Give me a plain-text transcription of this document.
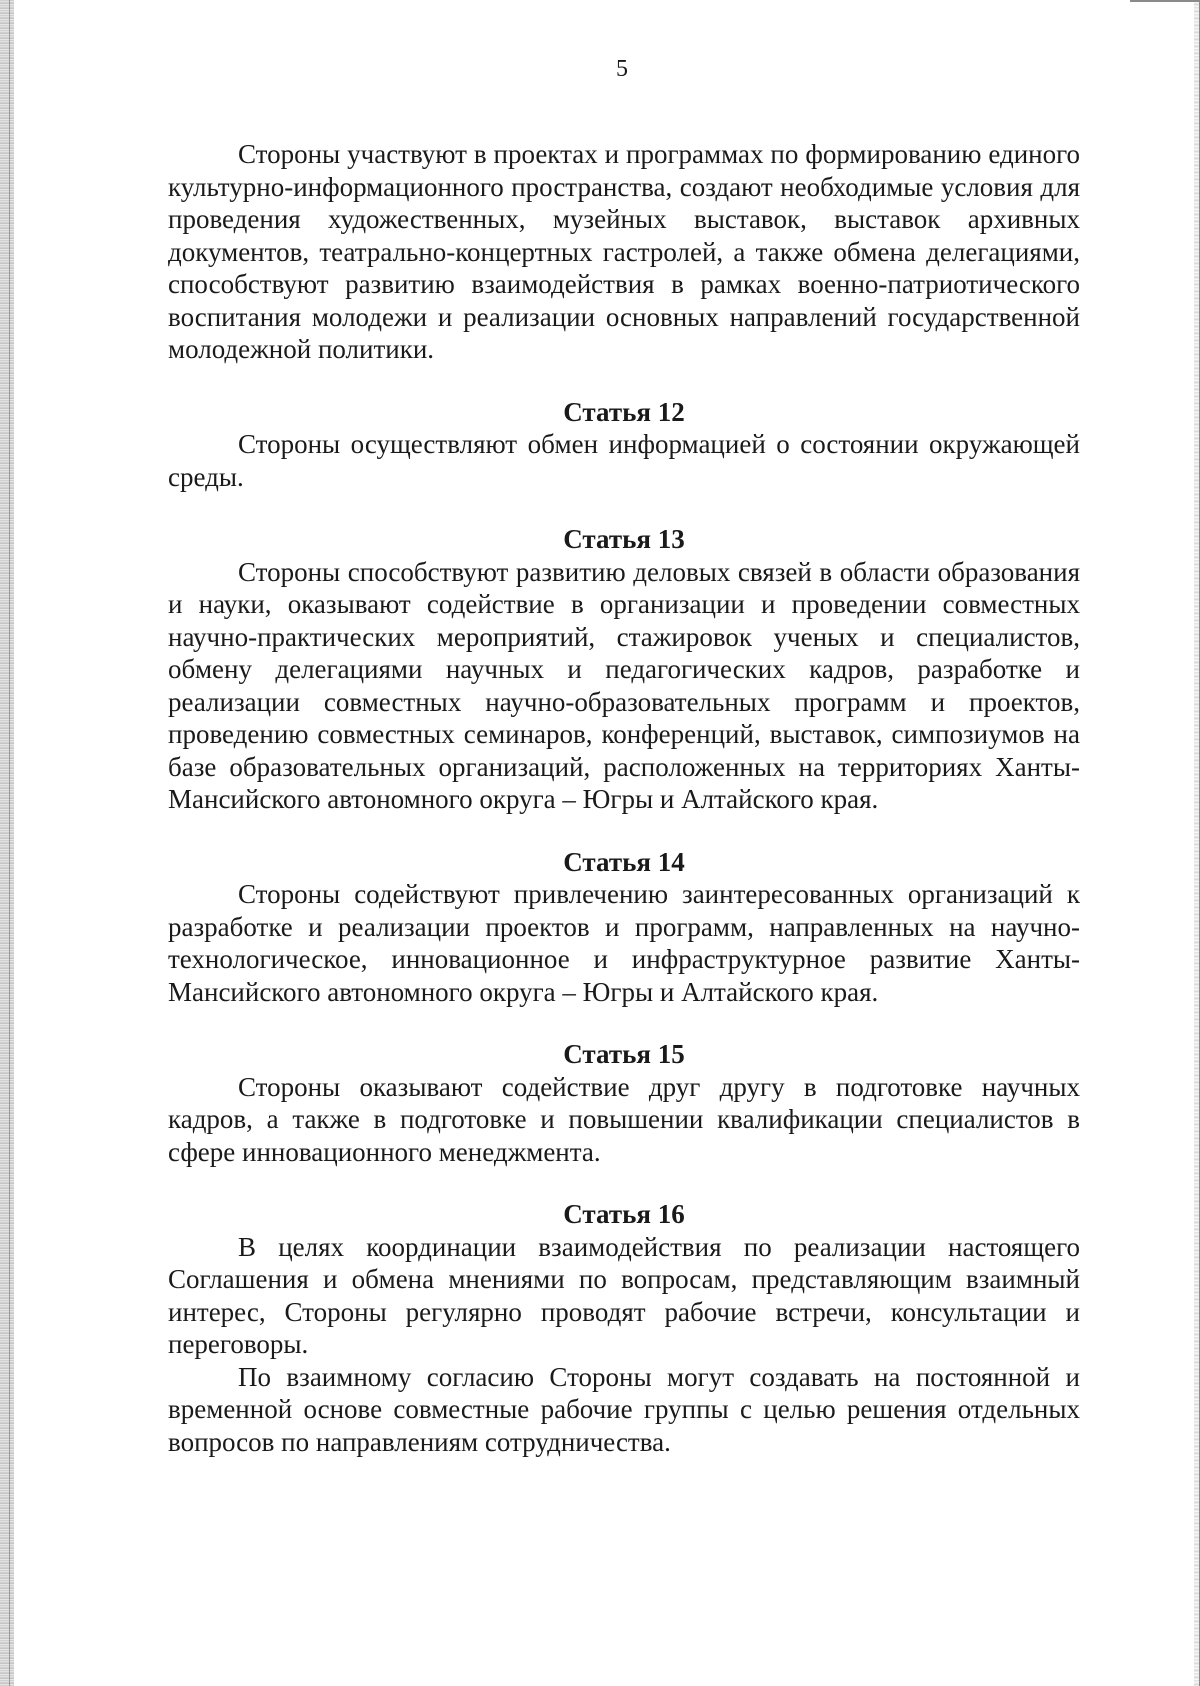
5

Стороны участвуют в проектах и программах по формированию единого культурно-информационного пространства, создают необходимые условия для проведения художественных, музейных выставок, выставок архивных документов, театрально-концертных гастролей, а также обмена делегациями, способствуют развитию взаимодействия в рамках военно-патриотического воспитания молодежи и реализации основных направлений государственной молодежной политики.

Статья 12

Стороны осуществляют обмен информацией о состоянии окружающей среды.

Статья 13

Стороны способствуют развитию деловых связей в области образования и науки, оказывают содействие в организации и проведении совместных научно-практических мероприятий, стажировок ученых и специалистов, обмену делегациями научных и педагогических кадров, разработке и реализации совместных научно-образовательных программ и проектов, проведению совместных семинаров, конференций, выставок, симпозиумов на базе образовательных организаций, расположенных на территориях Ханты-Мансийского автономного округа – Югры и Алтайского края.

Статья 14

Стороны содействуют привлечению заинтересованных организаций к разработке и реализации проектов и программ, направленных на научно-технологическое, инновационное и инфраструктурное развитие Ханты-Мансийского автономного округа – Югры и Алтайского края.

Статья 15

Стороны оказывают содействие друг другу в подготовке научных кадров, а также в подготовке и повышении квалификации специалистов в сфере инновационного менеджмента.

Статья 16

В целях координации взаимодействия по реализации настоящего Соглашения и обмена мнениями по вопросам, представляющим взаимный интерес, Стороны регулярно проводят рабочие встречи, консультации и переговоры.

По взаимному согласию Стороны могут создавать на постоянной и временной основе совместные рабочие группы с целью решения отдельных вопросов по направлениям сотрудничества.
